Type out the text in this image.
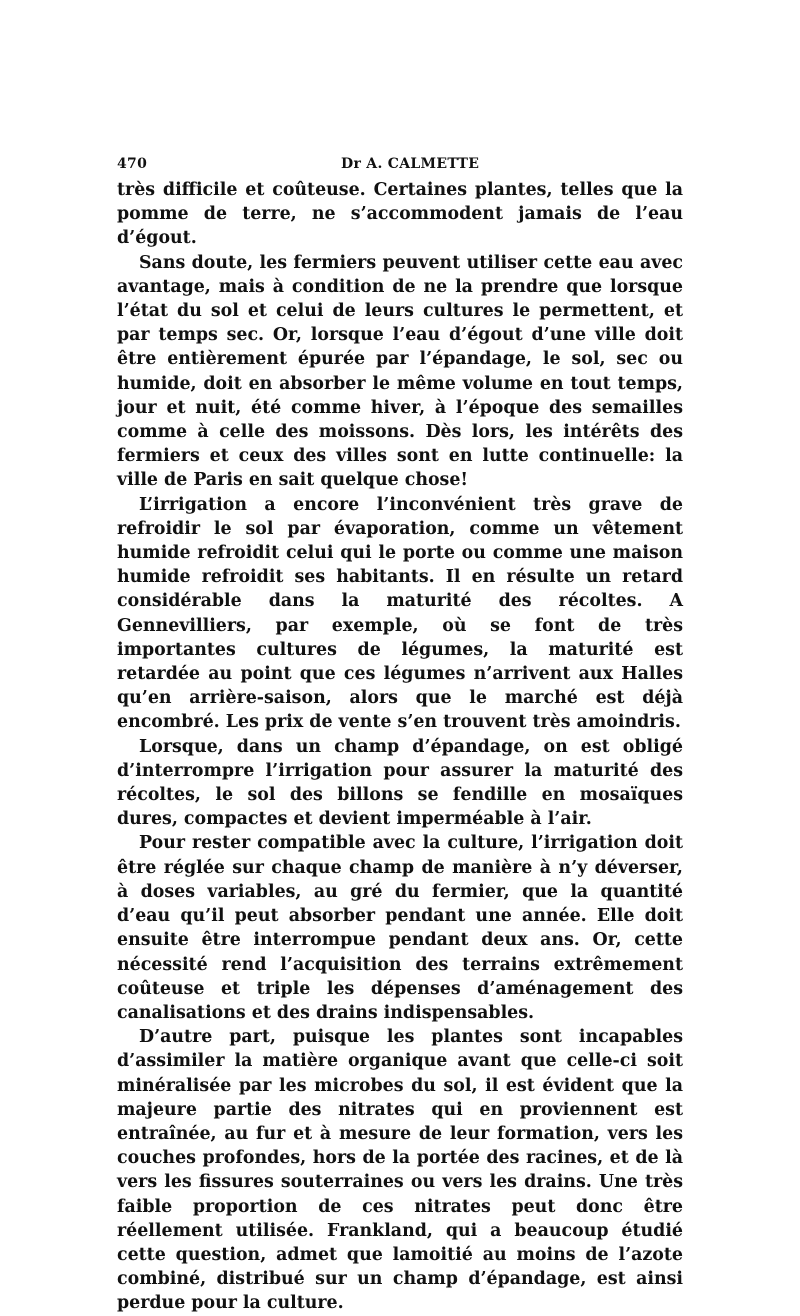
470	Dr A. CALMETTE

très difficile et coûteuse. Certaines plantes, telles que la pomme de terre, ne s’accommodent jamais de l’eau d’égout.

Sans doute, les fermiers peuvent utiliser cette eau avec avantage, mais à condition de ne la prendre que lorsque l’état du sol et celui de leurs cultures le permettent, et par temps sec. Or, lorsque l’eau d’égout d’une ville doit être entièrement épurée par l’épandage, le sol, sec ou humide, doit en absorber le même volume en tout temps, jour et nuit, été comme hiver, à l’époque des semailles comme à celle des moissons. Dès lors, les intérêts des fermiers et ceux des villes sont en lutte continuelle: la ville de Paris en sait quelque chose!

L’irrigation a encore l’inconvénient très grave de refroidir le sol par évaporation, comme un vêtement humide refroidit celui qui le porte ou comme une maison humide refroidit ses habitants. Il en résulte un retard considérable dans la maturité des récoltes. A Gennevilliers, par exemple, où se font de très importantes cultures de légumes, la maturité est retardée au point que ces légumes n’arrivent aux Halles qu’en arrière-saison, alors que le marché est déjà encombré. Les prix de vente s’en trouvent très amoindris.

Lorsque, dans un champ d’épandage, on est obligé d’interrompre l’irrigation pour assurer la maturité des récoltes, le sol des billons se fendille en mosaïques dures, compactes et devient imperméable à l’air.

Pour rester compatible avec la culture, l’irrigation doit être réglée sur chaque champ de manière à n’y déverser, à doses variables, au gré du fermier, que la quantité d’eau qu’il peut absorber pendant une année. Elle doit ensuite être interrompue pendant deux ans. Or, cette nécessité rend l’acquisition des terrains extrêmement coûteuse et triple les dépenses d’aménagement des canalisations et des drains indispensables.

D’autre part, puisque les plantes sont incapables d’assimiler la matière organique avant que celle-ci soit minéralisée par les microbes du sol, il est évident que la majeure partie des nitrates qui en proviennent est entraînée, au fur et à mesure de leur formation, vers les couches profondes, hors de la portée des racines, et de là vers les fissures souterraines ou vers les drains. Une très faible proportion de ces nitrates peut donc être réellement utilisée. Frankland, qui a beaucoup étudié cette question, admet que lamoitié au moins de l’azote combiné, distribué sur un champ d’épandage, est ainsi perdue pour la culture.
